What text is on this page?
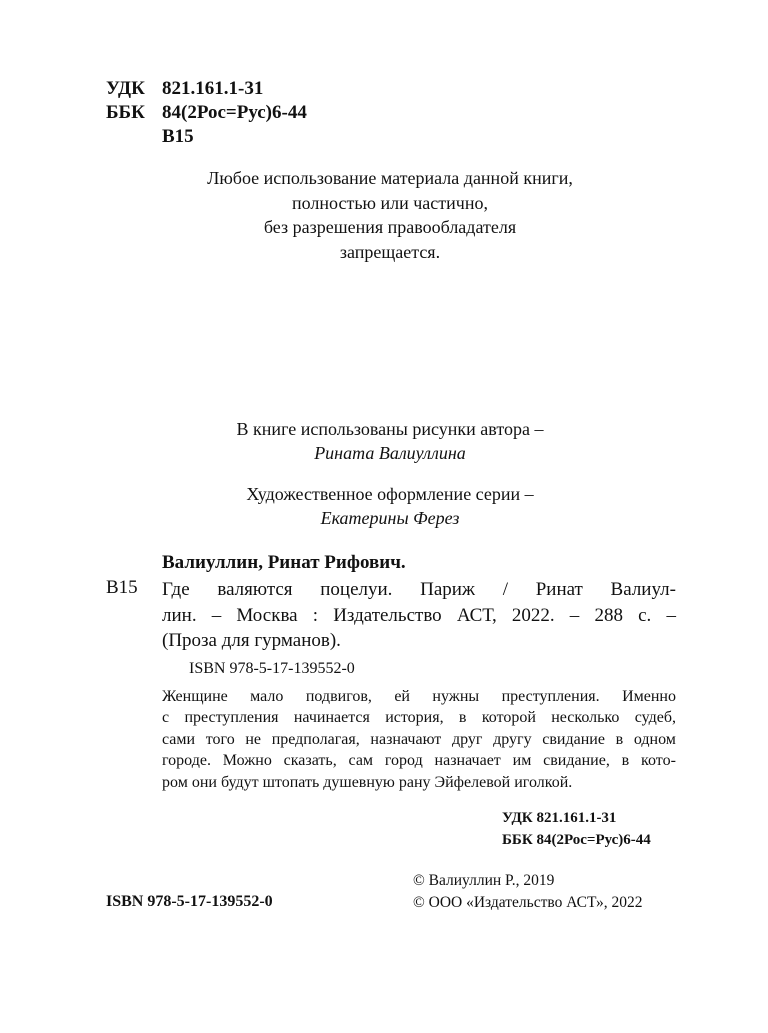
УДК 821.161.1-31
ББК 84(2Рос=Рус)6-44
В15
Любое использование материала данной книги,
полностью или частично,
без разрешения правообладателя
запрещается.
В книге использованы рисунки автора –
Рината Валиуллина
Художественное оформление серии –
Екатерины Ферез
Валиуллин, Ринат Рифович.
В15 Где валяются поцелуи. Париж / Ринат Валиул-
лин. – Москва : Издательство АСТ, 2022. – 288 с. –
(Проза для гурманов).
ISBN 978-5-17-139552-0
Женщине мало подвигов, ей нужны преступления. Именно
с преступления начинается история, в которой несколько судеб,
сами того не предполагая, назначают друг другу свидание в одном
городе. Можно сказать, сам город назначает им свидание, в кото-
ром они будут штопать душевную рану Эйфелевой иголкой.
УДК 821.161.1-31
ББК 84(2Рос=Рус)6-44
ISBN 978-5-17-139552-0
© Валиуллин Р., 2019
© ООО «Издательство АСТ», 2022
